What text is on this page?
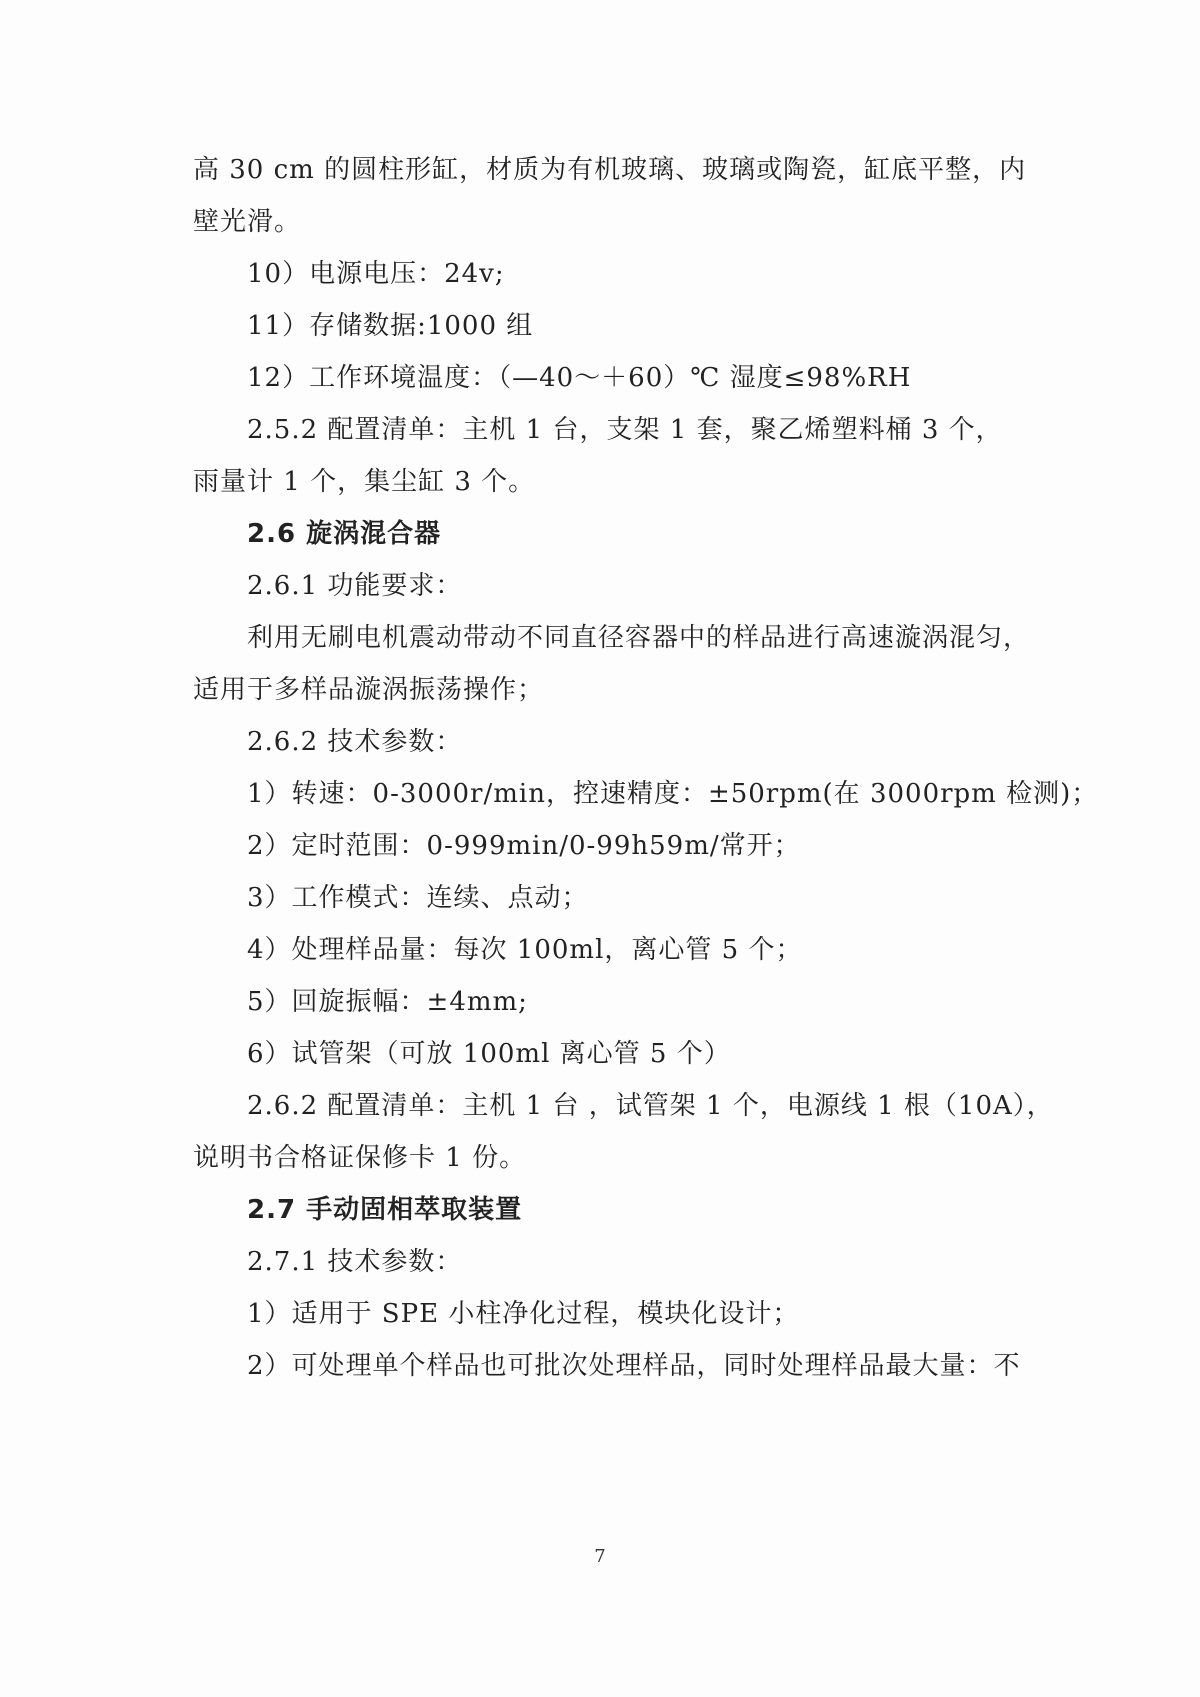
高 30 cm 的圆柱形缸，材质为有机玻璃、玻璃或陶瓷，缸底平整，内
壁光滑。
10）电源电压：24v;
11）存储数据:1000 组
12）工作环境温度：（—40～＋60）℃ 湿度≤98%RH
2.5.2 配置清单：主机 1 台，支架 1 套，聚乙烯塑料桶 3 个，
雨量计 1 个，集尘缸 3 个。
2.6 旋涡混合器
2.6.1 功能要求：
利用无刷电机震动带动不同直径容器中的样品进行高速漩涡混匀，
适用于多样品漩涡振荡操作；
2.6.2 技术参数：
1）转速：0-3000r/min，控速精度：±50rpm(在 3000rpm 检测)；
2）定时范围：0-999min/0-99h59m/常开；
3）工作模式：连续、点动；
4）处理样品量：每次 100ml，离心管 5 个；
5）回旋振幅：±4mm;
6）试管架（可放 100ml 离心管 5 个）
2.6.2 配置清单：主机 1 台 ，试管架 1 个，电源线 1 根（10A），
说明书合格证保修卡 1 份。
2.7 手动固相萃取装置
2.7.1 技术参数：
1）适用于 SPE 小柱净化过程，模块化设计；
2）可处理单个样品也可批次处理样品，同时处理样品最大量：不
7
